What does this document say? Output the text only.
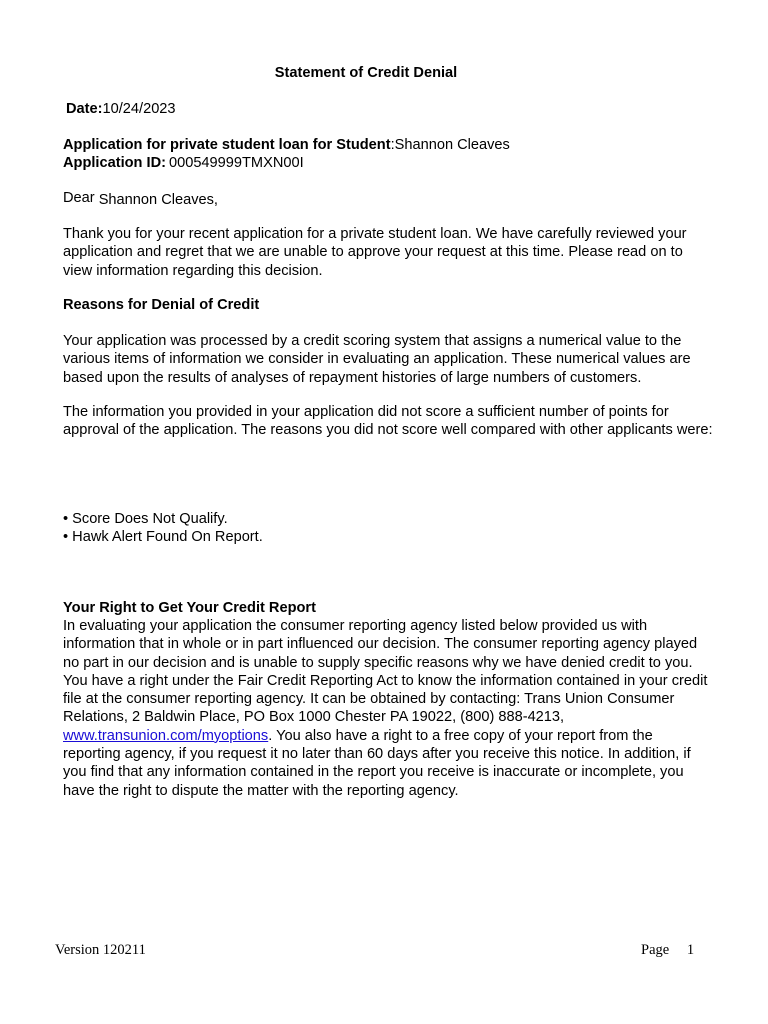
Statement of Credit Denial
Date:10/24/2023
Application for private student loan for Student:Shannon Cleaves
Application ID: 000549999TMXN00I
Dear Shannon Cleaves,
Thank you for your recent application for a private student loan. We have carefully reviewed your application and regret that we are unable to approve your request at this time. Please read on to view information regarding this decision.
Reasons for Denial of Credit
Your application was processed by a credit scoring system that assigns a numerical value to the various items of information we consider in evaluating an application. These numerical values are based upon the results of analyses of repayment histories of large numbers of customers.
The information you provided in your application did not score a sufficient number of points for approval of the application. The reasons you did not score well compared with other applicants were:
• Score Does Not Qualify.
• Hawk Alert Found On Report.
Your Right to Get Your Credit Report
In evaluating your application the consumer reporting agency listed below provided us with information that in whole or in part influenced our decision. The consumer reporting agency played no part in our decision and is unable to supply specific reasons why we have denied credit to you. You have a right under the Fair Credit Reporting Act to know the information contained in your credit file at the consumer reporting agency. It can be obtained by contacting: Trans Union Consumer Relations, 2 Baldwin Place, PO Box 1000 Chester PA 19022, (800) 888-4213, www.transunion.com/myoptions. You also have a right to a free copy of your report from the reporting agency, if you request it no later than 60 days after you receive this notice. In addition, if you find that any information contained in the report you receive is inaccurate or incomplete, you have the right to dispute the matter with the reporting agency.
Version 120211	Page 1
